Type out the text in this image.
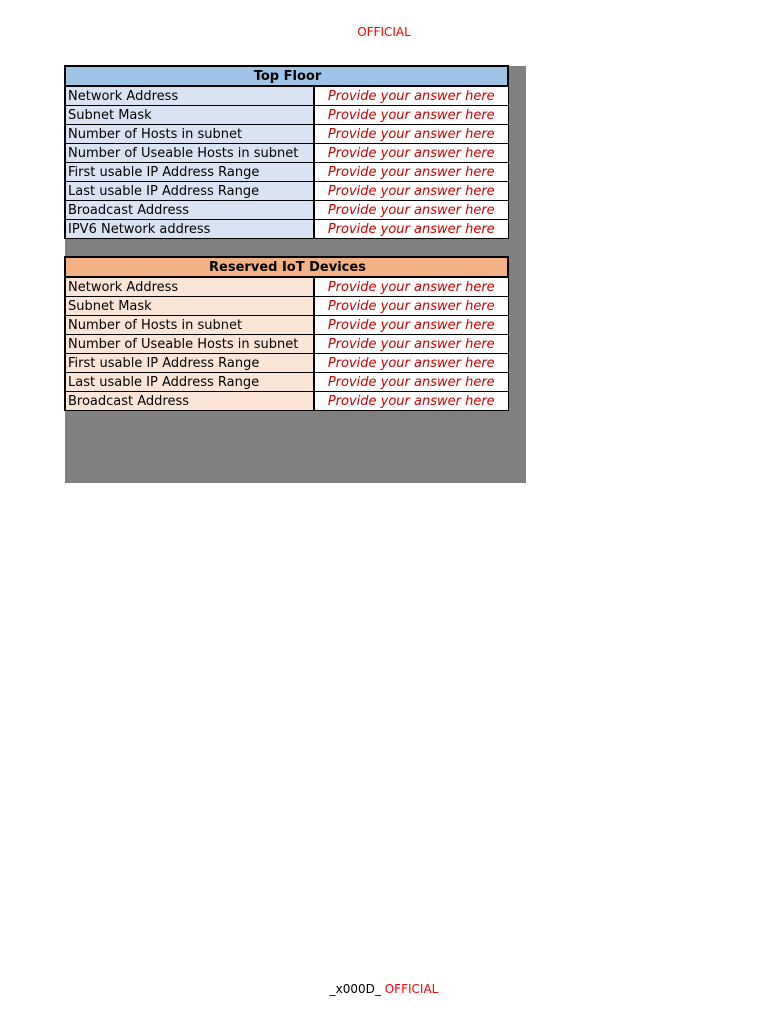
OFFICIAL
Top Floor	
Network Address	Provide your answer here
Subnet Mask	Provide your answer here
Number of Hosts in subnet	Provide your answer here
Number of Useable Hosts in subnet	Provide your answer here
First usable IP Address Range	Provide your answer here
Last usable IP Address Range	Provide your answer here
Broadcast Address	Provide your answer here
IPV6 Network address	Provide your answer here
Reserved IoT Devices	
Network Address	Provide your answer here
Subnet Mask	Provide your answer here
Number of Hosts in subnet	Provide your answer here
Number of Useable Hosts in subnet	Provide your answer here
First usable IP Address Range	Provide your answer here
Last usable IP Address Range	Provide your answer here
Broadcast Address	Provide your answer here
_x000D_ OFFICIAL
